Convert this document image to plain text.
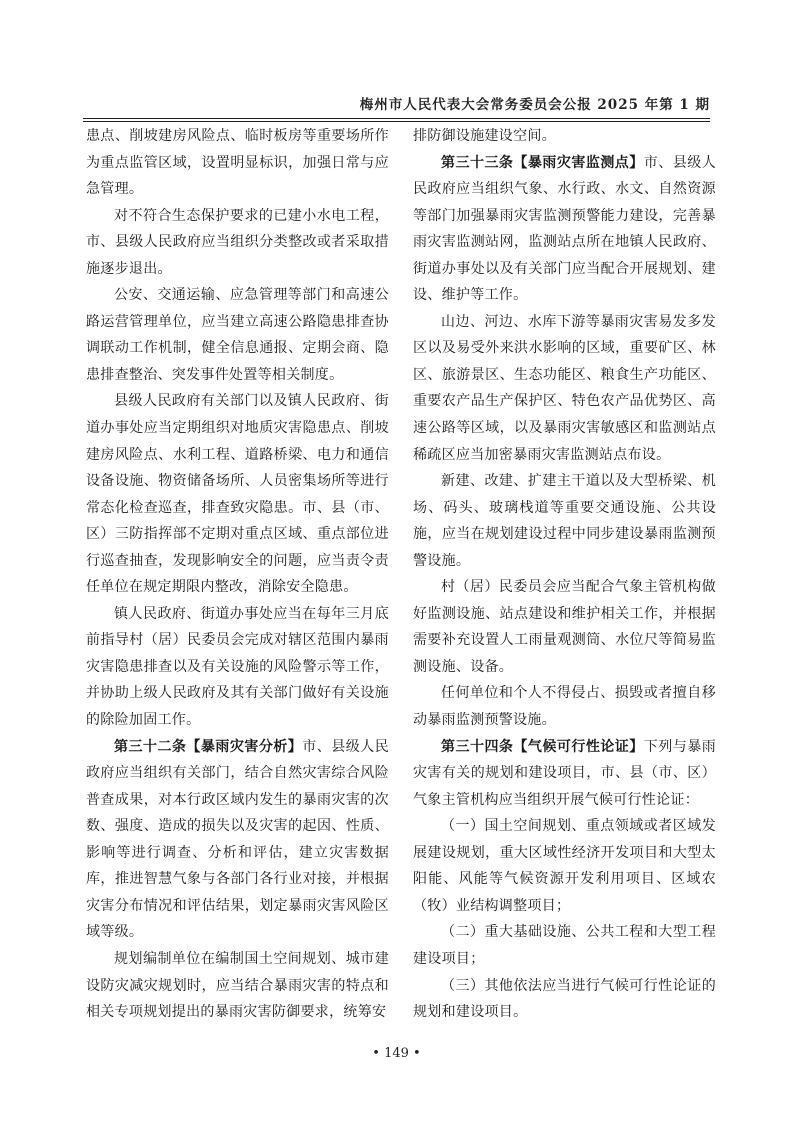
梅州市人民代表大会常务委员会公报 2025 年第 1 期

患点、削坡建房风险点、临时板房等重要场所作为重点监管区域，设置明显标识，加强日常与应急管理。

对不符合生态保护要求的已建小水电工程，市、县级人民政府应当组织分类整改或者采取措施逐步退出。

公安、交通运输、应急管理等部门和高速公路运营管理单位，应当建立高速公路隐患排查协调联动工作机制，健全信息通报、定期会商、隐患排查整治、突发事件处置等相关制度。

县级人民政府有关部门以及镇人民政府、街道办事处应当定期组织对地质灾害隐患点、削坡建房风险点、水利工程、道路桥梁、电力和通信设备设施、物资储备场所、人员密集场所等进行常态化检查巡查，排查致灾隐患。市、县（市、区）三防指挥部不定期对重点区域、重点部位进行巡查抽查，发现影响安全的问题，应当责令责任单位在规定期限内整改，消除安全隐患。

镇人民政府、街道办事处应当在每年三月底前指导村（居）民委员会完成对辖区范围内暴雨灾害隐患排查以及有关设施的风险警示等工作，并协助上级人民政府及其有关部门做好有关设施的除险加固工作。

第三十二条【暴雨灾害分析】市、县级人民政府应当组织有关部门，结合自然灾害综合风险普查成果，对本行政区域内发生的暴雨灾害的次数、强度、造成的损失以及灾害的起因、性质、影响等进行调查、分析和评估，建立灾害数据库，推进智慧气象与各部门各行业对接，并根据灾害分布情况和评估结果，划定暴雨灾害风险区域等级。

规划编制单位在编制国土空间规划、城市建设防灾减灾规划时，应当结合暴雨灾害的特点和相关专项规划提出的暴雨灾害防御要求，统筹安

排防御设施建设空间。

第三十三条【暴雨灾害监测点】市、县级人民政府应当组织气象、水行政、水文、自然资源等部门加强暴雨灾害监测预警能力建设，完善暴雨灾害监测站网，监测站点所在地镇人民政府、街道办事处以及有关部门应当配合开展规划、建设、维护等工作。

山边、河边、水库下游等暴雨灾害易发多发区以及易受外来洪水影响的区域，重要矿区、林区、旅游景区、生态功能区、粮食生产功能区、重要农产品生产保护区、特色农产品优势区、高速公路等区域，以及暴雨灾害敏感区和监测站点稀疏区应当加密暴雨灾害监测站点布设。

新建、改建、扩建主干道以及大型桥梁、机场、码头、玻璃栈道等重要交通设施、公共设施，应当在规划建设过程中同步建设暴雨监测预警设施。

村（居）民委员会应当配合气象主管机构做好监测设施、站点建设和维护相关工作，并根据需要补充设置人工雨量观测筒、水位尺等简易监测设施、设备。

任何单位和个人不得侵占、损毁或者擅自移动暴雨监测预警设施。

第三十四条【气候可行性论证】下列与暴雨灾害有关的规划和建设项目，市、县（市、区）气象主管机构应当组织开展气候可行性论证：

（一）国土空间规划、重点领域或者区域发展建设规划，重大区域性经济开发项目和大型太阳能、风能等气候资源开发利用项目、区域农（牧）业结构调整项目；

（二）重大基础设施、公共工程和大型工程建设项目；

（三）其他依法应当进行气候可行性论证的规划和建设项目。

• 149 •
